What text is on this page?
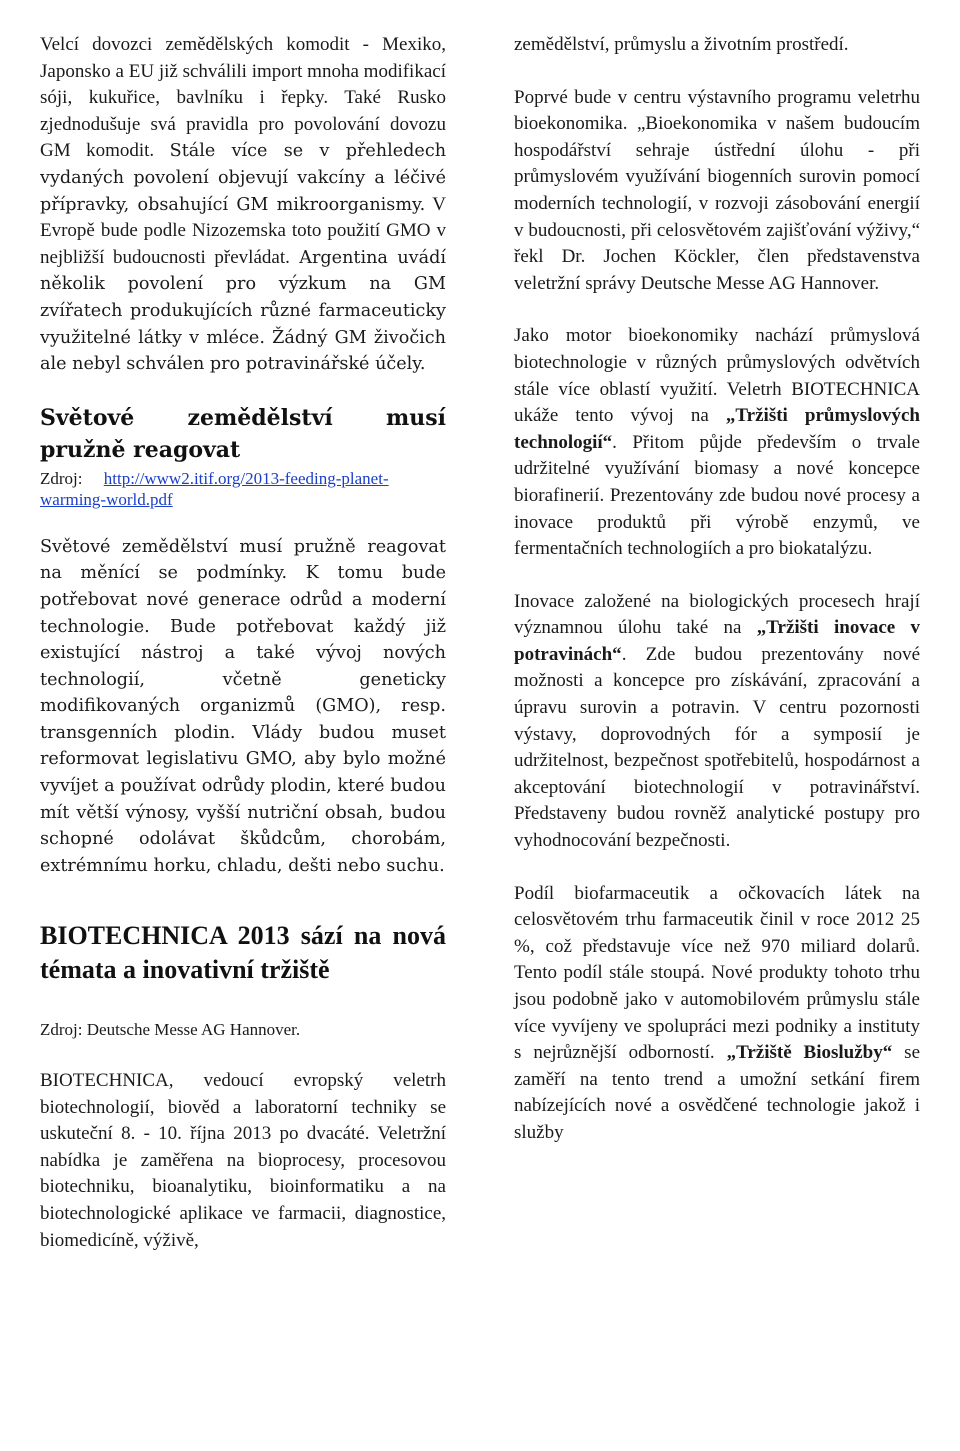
Velcí dovozci zemědělských komodit - Mexiko, Japonsko a EU již schválili import mnoha modifikací sóji, kukuřice, bavlníku i řepky. Také Rusko zjednodušuje svá pravidla pro povolování dovozu GM komodit. Stále více se v přehledech vydaných povolení objevují vakcíny a léčivé přípravky, obsahující GM mikroorganismy. V Evropě bude podle Nizozemska toto použití GMO v nejbližší budoucnosti převládat. Argentina uvádí několik povolení pro výzkum na GM zvířatech produkujících různé farmaceuticky využitelné látky v mléce. Žádný GM živočich ale nebyl schválen pro potravinářské účely.

Světové zemědělství musí pružně reagovat
Zdroj: http://www2.itif.org/2013-feeding-planet-warming-world.pdf

Světové zemědělství musí pružně reagovat na měnící se podmínky. K tomu bude potřebovat nové generace odrůd a moderní technologie. Bude potřebovat každý již existující nástroj a také vývoj nových technologií, včetně geneticky modifikovaných organizmů (GMO), resp. transgenních plodin. Vlády budou muset reformovat legislativu GMO, aby bylo možné vyvíjet a používat odrůdy plodin, které budou mít větší výnosy, vyšší nutriční obsah, budou schopné odolávat škůdcům, chorobám, extrémnímu horku, chladu, dešti nebo suchu.

BIOTECHNICA 2013 sází na nová témata a inovativní tržiště

Zdroj: Deutsche Messe AG Hannover.

BIOTECHNICA, vedoucí evropský veletrh biotechnologií, biověd a laboratorní techniky se uskuteční 8. - 10. října 2013 po dvacáté. Veletržní nabídka je zaměřena na bioprocesy, procesovou biotechniku, bioanalytiku, bioinformatiku a na biotechnologické aplikace ve farmacii, diagnostice, biomedicíně, výživě,

zemědělství, průmyslu a životním prostředí.

Poprvé bude v centru výstavního programu veletrhu bioekonomika. „Bioekonomika v našem budoucím hospodářství sehraje ústřední úlohu - při průmyslovém využívání biogenních surovin pomocí moderních technologií, v rozvoji zásobování energií v budoucnosti, při celosvětovém zajišťování výživy,“ řekl Dr. Jochen Köckler, člen představenstva veletržní správy Deutsche Messe AG Hannover.

Jako motor bioekonomiky nachází průmyslová biotechnologie v různých průmyslových odvětvích stále více oblastí využití. Veletrh BIOTECHNICA ukáže tento vývoj na „Tržišti průmyslových technologií“. Přitom půjde především o trvale udržitelné využívání biomasy a nové koncepce biorafinerií. Prezentovány zde budou nové procesy a inovace produktů při výrobě enzymů, ve fermentačních technologiích a pro biokatalýzu.

Inovace založené na biologických procesech hrají významnou úlohu také na „Tržišti inovace v potravinách“. Zde budou prezentovány nové možnosti a koncepce pro získávání, zpracování a úpravu surovin a potravin. V centru pozornosti výstavy, doprovodných fór a symposií je udržitelnost, bezpečnost spotřebitelů, hospodárnost a akceptování biotechnologií v potravinářství. Představeny budou rovněž analytické postupy pro vyhodnocování bezpečnosti.

Podíl biofarmaceutik a očkovacích látek na celosvětovém trhu farmaceutik činil v roce 2012 25 %, což představuje více než 970 miliard dolarů. Tento podíl stále stoupá. Nové produkty tohoto trhu jsou podobně jako v automobilovém průmyslu stále více vyvíjeny ve spolupráci mezi podniky a instituty s nejrůznější odborností. „Tržiště Bioslužby“ se zaměří na tento trend a umožní setkání firem nabízejících nové a osvědčené technologie jakož i služby
